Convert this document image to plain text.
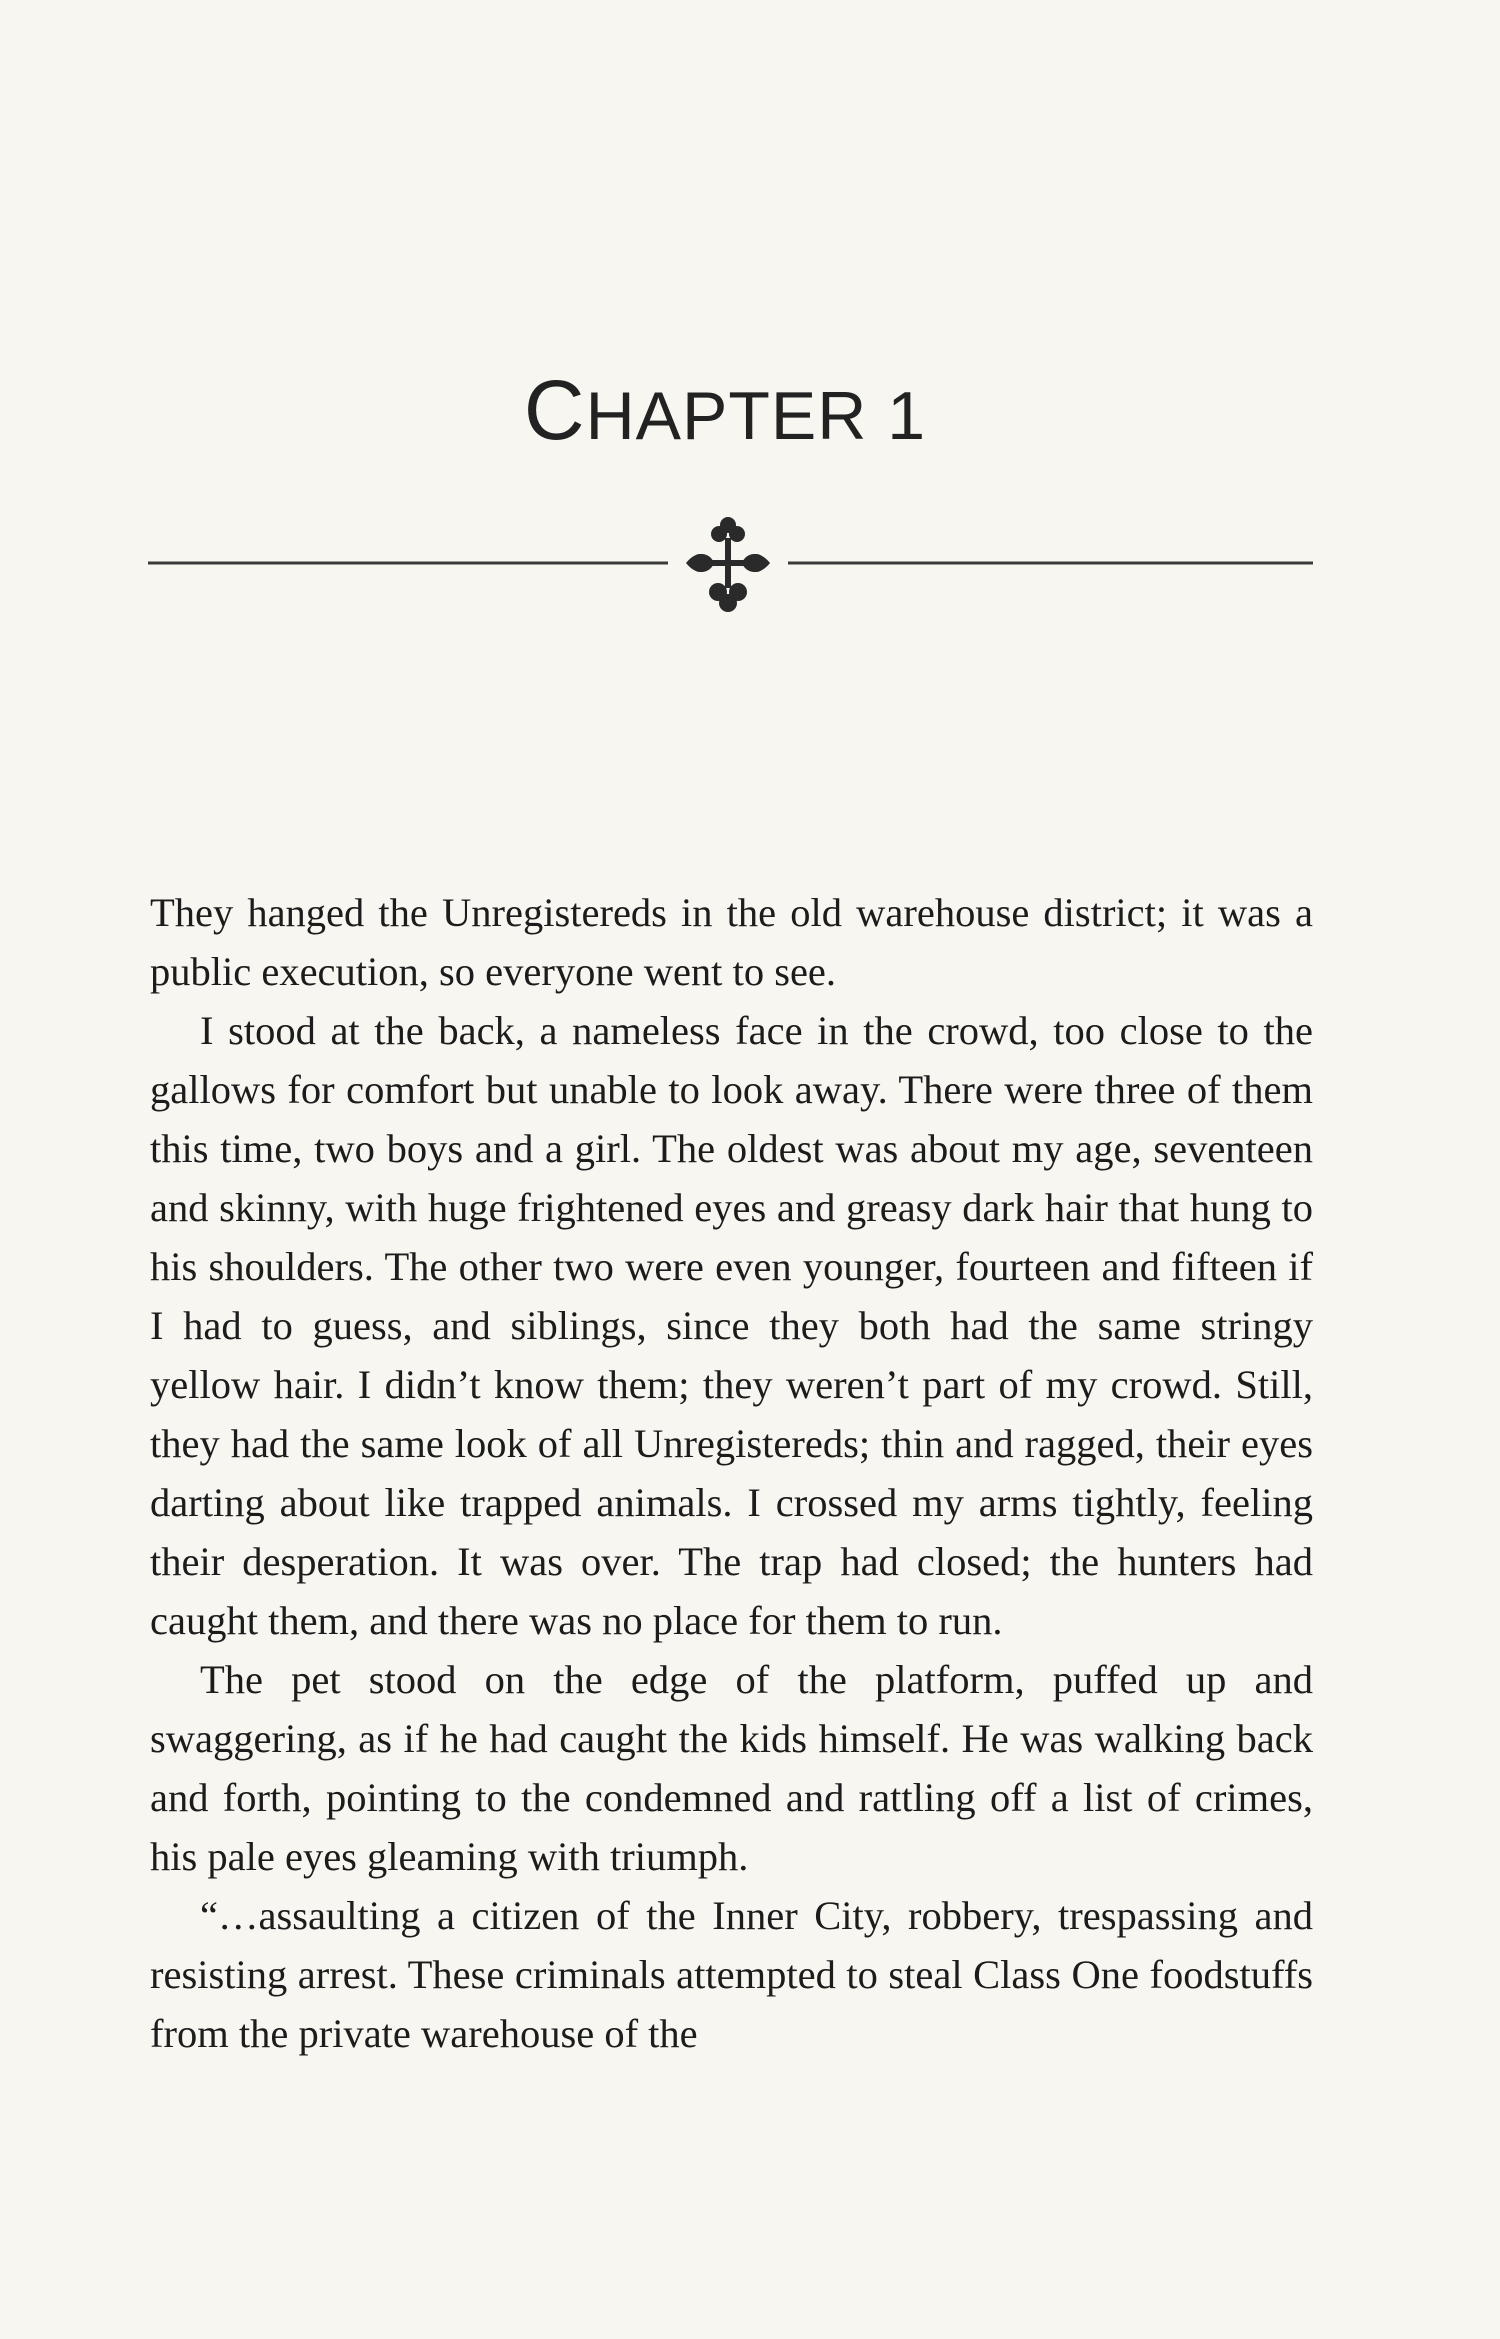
CHAPTER 1

They hanged the Unregistereds in the old warehouse district; it was a public execution, so everyone went to see.

I stood at the back, a nameless face in the crowd, too close to the gallows for comfort but unable to look away. There were three of them this time, two boys and a girl. The oldest was about my age, seventeen and skinny, with huge frightened eyes and greasy dark hair that hung to his shoulders. The other two were even younger, fourteen and fifteen if I had to guess, and siblings, since they both had the same stringy yellow hair. I didn’t know them; they weren’t part of my crowd. Still, they had the same look of all Unregistereds; thin and ragged, their eyes darting about like trapped animals. I crossed my arms tightly, feeling their desperation. It was over. The trap had closed; the hunters had caught them, and there was no place for them to run.

The pet stood on the edge of the platform, puffed up and swaggering, as if he had caught the kids himself. He was walking back and forth, pointing to the condemned and rattling off a list of crimes, his pale eyes gleaming with triumph.

“…assaulting a citizen of the Inner City, robbery, trespassing and resisting arrest. These criminals attempted to steal Class One foodstuffs from the private warehouse of the
